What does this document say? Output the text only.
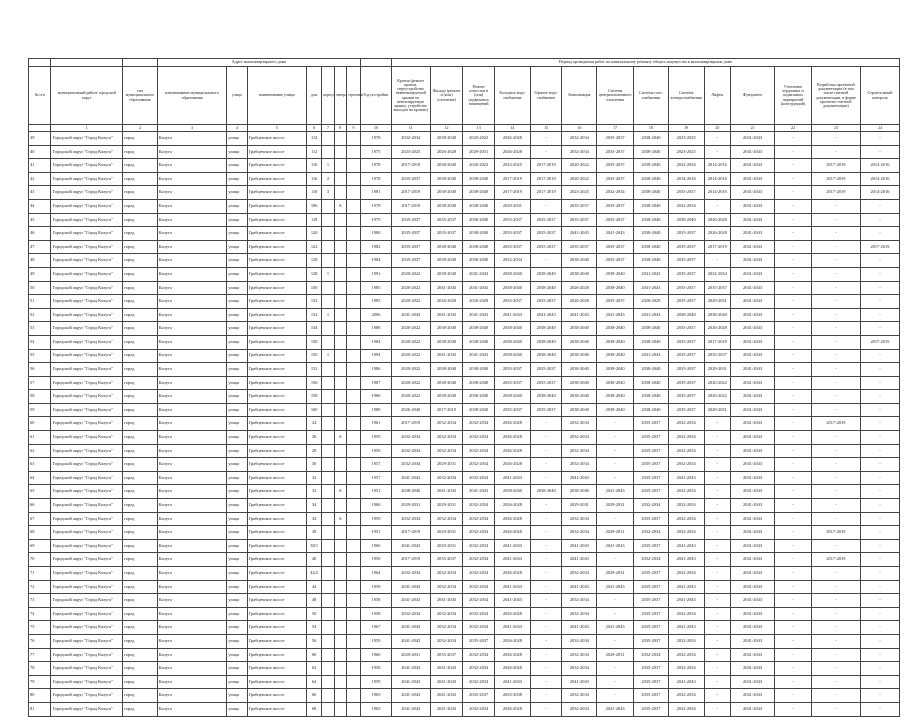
			Адрес многоквартирного дома								Период проведения работ по капитальному ремонту общего имущества в многоквартирном доме													
№ п/п	муниципальный район/ городской округ	тип муниципального образования	наименование муниципального образования	улица	наименование улицы	дом	корпус	литера	строение	Год постройки	Кровля (ремонт кровли, переустройство невентилируемой крыши на вентилируемую крышу, устройство выходов на кровлю)	Фасады (ремонт и (или) утепление)	Ремонт отмостки и (или) подвальных помещений	Холодное водо-снабжение	Горячее водо-снабжение	Канализация	Система централизованного отопления	Система газо-снабжения	Система электроснабжения	Лифты	Фундамент	Утепление чердачных и подвальных перекрытий (конструкций)	Разработка проектной документации (в том числе сметной документации, в форме проектно-сметной документации)	Строительный контроль
	1	2	3	4	5	6	7	8	9	10	11	12	13	14	15	16	17	18	19	20	21	22	23	24
39	Городской округ "Город Калуга"	город	Калуга	улица	Грабцевское шоссе	112				1978	2032-2034	2038-2040	2020-2022	2026-2028	-	2032-2034	2035-2037	2038-2040	2023-2025	-	2041-2043	-	-	-
40	Городской округ "Город Калуга"	город	Калуга	улица	Грабцевское шоссе	112				1975	2023-2025	2026-2028	2029-2031	2026-2028	-	2032-2034	2035-2037	2038-2040	2023-2025	-	2041-2043	-	-	-
41	Городской округ "Город Калуга"	город	Калуга	улица	Грабцевское шоссе	116	1			1978	2017-2019	2038-2040	2020-2022	2023-2025	2017-2019	2020-2022	2035-2037	2038-2040	2032-2034	2014-2016	2041-2043	-	2017-2019	2014-2016
42	Городской округ "Город Калуга"	город	Калуга	улица	Грабцевское шоссе	116	2			1978	2035-2037	2038-2040	2038-2040	2017-2019	2017-2019	2020-2022	2035-2037	2038-2040	2014-2016	2014-2016	2041-2043	-	2017-2019	2014-2016
43	Городской округ "Город Калуга"	город	Калуга	улица	Грабцевское шоссе	116	3			1981	2017-2019	2038-2040	2038-2040	2017-2019	2017-2019	2023-2025	2032-2034	2038-2040	2035-2037	2014-2016	2041-2043	-	2017-2019	2014-2016
44	Городской округ "Город Калуга"	город	Калуга	улица	Грабцевское шоссе	106		А		1978	2017-2019	2038-2040	2038-2040	2029-2031	-	2035-2037	2035-2037	2038-2040	2032-2034	-	2041-2043	-	-	-
45	Городской округ "Город Калуга"	город	Калуга	улица	Грабцевское шоссе	118				1979	2035-2037	2035-2037	2038-2040	2035-2037	2035-2037	2035-2037	2035-2037	2038-2040	2038-2040	2026-2028	2041-2043	-	-	-
46	Городской округ "Город Калуга"	город	Калуга	улица	Грабцевское шоссе	120				1980	2035-2037	2035-2037	2038-2040	2035-2037	2035-2037	2041-2043	2041-2043	2038-2040	2035-2037	2026-2028	2041-2043	-	-	-
47	Городской округ "Город Калуга"	город	Калуга	улица	Грабцевское шоссе	122				1982	2035-2037	2038-2040	2038-2040	2035-2037	2035-2037	2035-2037	2035-2037	2038-2040	2035-2037	2017-2019	2041-2043	-	-	2017-2019
48	Городской округ "Город Калуга"	город	Калуга	улица	Грабцевское шоссе	128				1984	2035-2037	2038-2040	2038-2040	2032-2034	-	2038-2040	2035-2037	2038-2040	2035-2037	-	2041-2043	-	-	-
49	Городской округ "Город Калуга"	город	Калуга	улица	Грабцевское шоссе	128	1			1991	2020-2022	2038-2040	2041-2043	2038-2040	2038-2040	2038-2040	2038-2040	2041-2043	2035-2037	2032-2034	2041-2043	-	-	-
50	Городской округ "Город Калуга"	город	Калуга	улица	Грабцевское шоссе	130				1985	2020-2022	2041-2043	2041-2043	2038-2040	2038-2040	2026-2028	2038-2040	2041-2043	2035-2037	2035-2037	2041-2043	-	-	-
51	Городской округ "Город Калуга"	город	Калуга	улица	Грабцевское шоссе	132				1985	2020-2022	2026-2028	2026-2028	2035-2037	2035-2037	2026-2028	2035-2037	2026-2028	2035-2037	2029-2031	2041-2043	-	-	-
52	Городской округ "Город Калуга"	город	Калуга	улица	Грабцевское шоссе	132	1			2006	2041-2043	2041-2043	2041-2043	2041-2043	2041-2043	2041-2043	2041-2043	2041-2043	2038-2040	2038-2040	2041-2043	-	-	-
53	Городской округ "Город Калуга"	город	Калуга	улица	Грабцевское шоссе	134				1986	2020-2022	2038-2040	2038-2040	2038-2040	2038-2040	2038-2040	2038-2040	2038-2040	2035-2037	2026-2028	2041-2043	-	-	-
54	Городской округ "Город Калуга"	город	Калуга	улица	Грабцевское шоссе	150				1984	2020-2022	2038-2040	2038-2040	2038-2040	2038-2040	2038-2040	2038-2040	2038-2040	2035-2037	2017-2019	2041-2043	-	-	2017-2019
55	Городской округ "Город Калуга"	город	Калуга	улица	Грабцевское шоссе	150	1			1994	2020-2022	2041-2043	2041-2043	2038-2040	2038-2040	2038-2040	2038-2040	2041-2043	2035-2037	2035-2037	2041-2043	-	-	-
56	Городской округ "Город Калуга"	город	Калуга	улица	Грабцевское шоссе	152				1986	2020-2022	2038-2040	2038-2040	2035-2037	2035-2037	2038-2040	2038-2040	2038-2040	2035-2037	2029-2031	2041-2043	-	-	-
57	Городской округ "Город Калуга"	город	Калуга	улица	Грабцевское шоссе	156				1987	2020-2022	2038-2040	2038-2040	2035-2037	2035-2037	2038-2040	2038-2040	2038-2040	2035-2037	2020-2022	2041-2043	-	-	-
58	Городской округ "Город Калуга"	город	Калуга	улица	Грабцевское шоссе	158				1986	2020-2022	2038-2040	2038-2040	2038-2040	2038-2040	2038-2040	2038-2040	2038-2040	2035-2037	2020-2022	2041-2043	-	-	-
59	Городской округ "Город Калуга"	город	Калуга	улица	Грабцевское шоссе	160				1988	2026-2040	2017-2019	2038-2040	2035-2037	2035-2037	2038-2040	2038-2040	2038-2040	2035-2037	2029-2031	2041-2043	-	-	-
60	Городской округ "Город Калуга"	город	Калуга	улица	Грабцевское шоссе	24				1961	2017-2019	2032-2034	2032-2034	2026-2028	-	2032-2034	-	2035-2037	2032-2034	-	2041-2043	-	2017-2019	-
61	Городской округ "Город Калуга"	город	Калуга	улица	Грабцевское шоссе	26		А		1959	2032-2034	2032-2034	2032-2034	2026-2028	-	2032-2034	-	2035-2037	2032-2034	-	2041-2043	-	-	-
62	Городской округ "Город Калуга"	город	Калуга	улица	Грабцевское шоссе	28				1950	2032-2034	2032-2034	2032-2034	2026-2028	-	2032-2034	-	2035-2037	2032-2034	-	2041-2043	-	-	-
63	Городской округ "Город Калуга"	город	Калуга	улица	Грабцевское шоссе	30				1957	2032-2034	2029-2031	2032-2034	2026-2028	-	2032-2034	-	2035-2037	2032-2034	-	2041-2043	-	-	-
64	Городской округ "Город Калуга"	город	Калуга	улица	Грабцевское шоссе	32				1957	2041-2043	2032-2034	2032-2034	2041-2043	-	2041-2043	-	2035-2037	2041-2043	-	2041-2043	-	-	-
65	Городской округ "Город Калуга"	город	Калуга	улица	Грабцевское шоссе	32		А		1951	2038-2040	2041-2043	2041-2043	2038-2040	2038-2040	2038-2040	2041-2043	2035-2037	2032-2034	-	2041-2043	-	-	-
66	Городской округ "Город Калуга"	город	Калуга	улица	Грабцевское шоссе	34				1960	2029-2031	2029-2031	2032-2034	2026-2028	-	2029-2031	2029-2031	2032-2034	2032-2034	-	2041-2043	-	-	-
67	Городской округ "Город Калуга"	город	Калуга	улица	Грабцевское шоссе	34		А		1959	2032-2034	2032-2034	2032-2034	2026-2028	-	2032-2034	-	2035-2037	2032-2034	-	2041-2043	-	-	-
68	Городской округ "Город Калуга"	город	Калуга	улица	Грабцевское шоссе	38				1951	2017-2019	2029-2031	2032-2034	2026-2028	-	2032-2034	2029-2031	2032-2034	2032-2034	-	2041-2043	-	2017-2019	-
69	Городской округ "Город Калуга"	город	Калуга	улица	Грабцевское шоссе	38/1				1966	2041-2043	2029-2031	2032-2034	2041-2043	-	2041-2043	2041-2043	2035-2037	2041-2043	-	2041-2043	-	-	-
70	Городской округ "Город Калуга"	город	Калуга	улица	Грабцевское шоссе	40				1950	2017-2019	2035-2037	2032-2034	2041-2043	-	2041-2043	-	2032-2034	2041-2043	-	2041-2043	-	2017-2019	-
71	Городской округ "Город Калуга"	город	Калуга	улица	Грабцевское шоссе	42/2				1964	2032-2034	2032-2034	2032-2034	2026-2028	-	2032-2034	2029-2031	2035-2037	2032-2034	-	2041-2043	-	-	-
72	Городской округ "Город Калуга"	город	Калуга	улица	Грабцевское шоссе	44				1959	2041-2043	2032-2034	2032-2034	2041-2043	-	2041-2043	2041-2043	2035-2037	2041-2043	-	2041-2043	-	-	-
73	Городской округ "Город Калуга"	город	Калуга	улица	Грабцевское шоссе	48				1958	2041-2043	2041-2043	2032-2034	2041-2043	-	2032-2034	-	2035-2037	2041-2043	-	2041-2043	-	-	-
74	Городской округ "Город Калуга"	город	Калуга	улица	Грабцевское шоссе	50				1958	2032-2034	2032-2034	2032-2034	2026-2028	-	2032-2034	-	2035-2037	2032-2034	-	2041-2043	-	-	-
75	Городской округ "Город Калуга"	город	Калуга	улица	Грабцевское шоссе	54				1967	2041-2043	2032-2034	2032-2034	2041-2043	-	2041-2043	2041-2043	2035-2037	2041-2043	-	2041-2043	-	-	-
76	Городской округ "Город Калуга"	город	Калуга	улица	Грабцевское шоссе	56				1959	2041-2043	2032-2034	2035-2037	2026-2028	-	2032-2034	-	2035-2037	2032-2034	-	2041-2043	-	-	-
77	Городской округ "Город Калуга"	город	Калуга	улица	Грабцевское шоссе	60				1960	2029-2031	2035-2037	2032-2034	2026-2028	-	2032-2034	2029-2031	2032-2034	2032-2034	-	2041-2043	-	-	-
78	Городской округ "Город Калуга"	город	Калуга	улица	Грабцевское шоссе	62				1958	2041-2043	2041-2043	2032-2034	2026-2028	-	2032-2034	-	2035-2037	2032-2034	-	2041-2043	-	-	-
79	Городской округ "Город Калуга"	город	Калуга	улица	Грабцевское шоссе	64				1959	2041-2043	2041-2043	2032-2034	2041-2043	-	2041-2043	-	2035-2037	2041-2043	-	2041-2043	-	-	-
80	Городской округ "Город Калуга"	город	Калуга	улица	Грабцевское шоссе	66				1965	2041-2043	2041-2043	2035-2037	2035-2038	-	2032-2034	-	2035-2037	2032-2034	-	2041-2043	-	-	-
81	Городской округ "Город Калуга"	город	Калуга	улица	Грабцевское шоссе	68				1965	2041-2043	2041-2043	2032-2034	2026-2028	-	2032-2034	2041-2043	2035-2037	2032-2034	-	2041-2043	-	-	-
